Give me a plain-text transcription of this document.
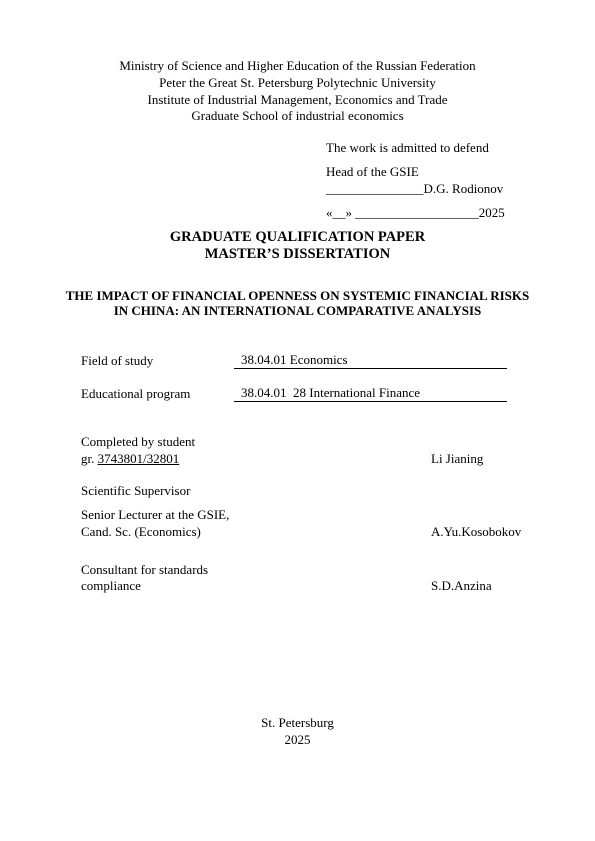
Ministry of Science and Higher Education of the Russian Federation
Peter the Great St. Petersburg Polytechnic University
Institute of Industrial Management, Economics and Trade
Graduate School of industrial economics
The work is admitted to defend
Head of the GSIE
_______________D.G. Rodionov
«__» ___________________2025
GRADUATE QUALIFICATION PAPER
MASTER’S DISSERTATION
THE IMPACT OF FINANCIAL OPENNESS ON SYSTEMIC FINANCIAL RISKS
IN CHINA: AN INTERNATIONAL COMPARATIVE ANALYSIS
Field of study	38.04.01 Economics
Educational program	38.04.01  28 International Finance
Completed by student
gr. 3743801/32801	Li Jianing
Scientific Supervisor
Senior Lecturer at the GSIE,
Cand. Sc. (Economics)	A.Yu.Kosobokov
Consultant for standards
compliance	S.D.Anzina
St. Petersburg
2025
